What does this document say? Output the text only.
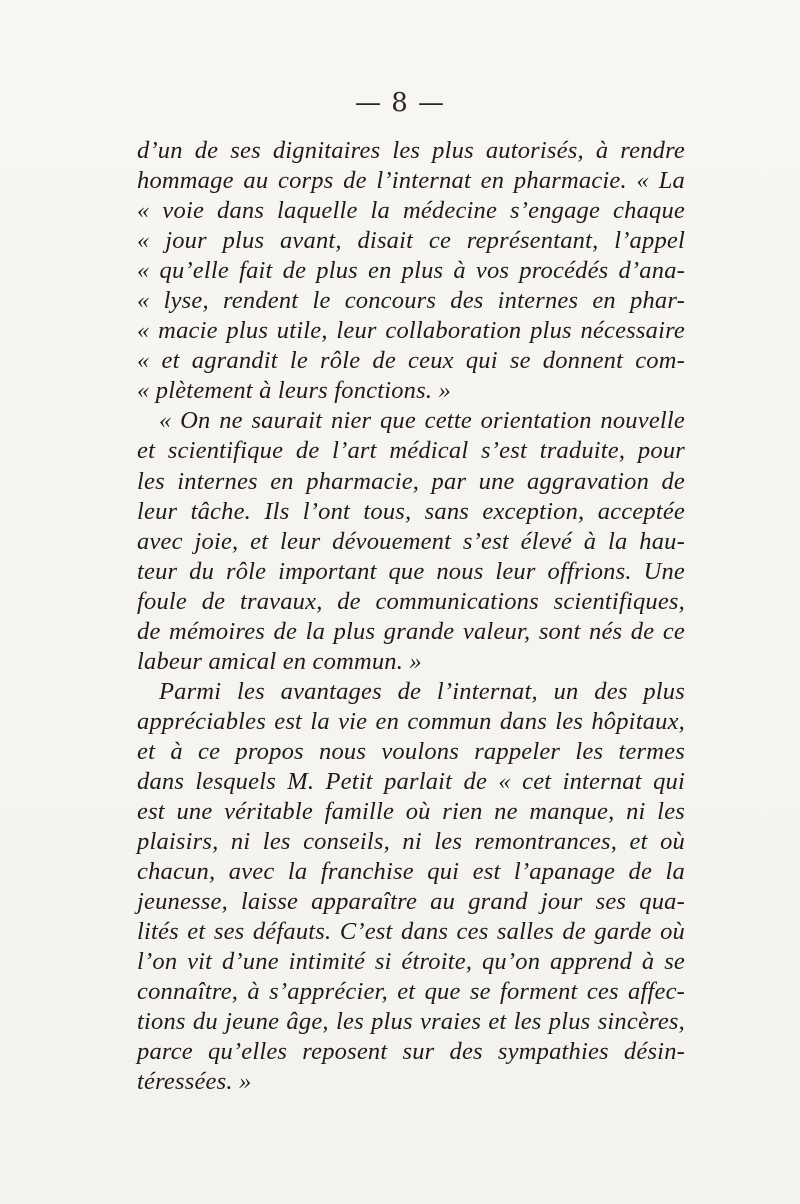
— 8 —
d’un de ses dignitaires les plus autorisés, à rendre
hommage au corps de l’internat en pharmacie. « La
« voie dans laquelle la médecine s’engage chaque
« jour plus avant, disait ce représentant, l’appel
« qu’elle fait de plus en plus à vos procédés d’ana-
« lyse, rendent le concours des internes en phar-
« macie plus utile, leur collaboration plus nécessaire
« et agrandit le rôle de ceux qui se donnent com-
« plètement à leurs fonctions. »
« On ne saurait nier que cette orientation nouvelle
et scientifique de l’art médical s’est traduite, pour
les internes en pharmacie, par une aggravation de
leur tâche. Ils l’ont tous, sans exception, acceptée
avec joie, et leur dévouement s’est élevé à la hau-
teur du rôle important que nous leur offrions. Une
foule de travaux, de communications scientifiques,
de mémoires de la plus grande valeur, sont nés de ce
labeur amical en commun. »
Parmi les avantages de l’internat, un des plus
appréciables est la vie en commun dans les hôpitaux,
et à ce propos nous voulons rappeler les termes
dans lesquels M. Petit parlait de « cet internat qui
est une véritable famille où rien ne manque, ni les
plaisirs, ni les conseils, ni les remontrances, et où
chacun, avec la franchise qui est l’apanage de la
jeunesse, laisse apparaître au grand jour ses qua-
lités et ses défauts. C’est dans ces salles de garde où
l’on vit d’une intimité si étroite, qu’on apprend à se
connaître, à s’apprécier, et que se forment ces affec-
tions du jeune âge, les plus vraies et les plus sincères,
parce qu’elles reposent sur des sympathies désin-
téressées. »
